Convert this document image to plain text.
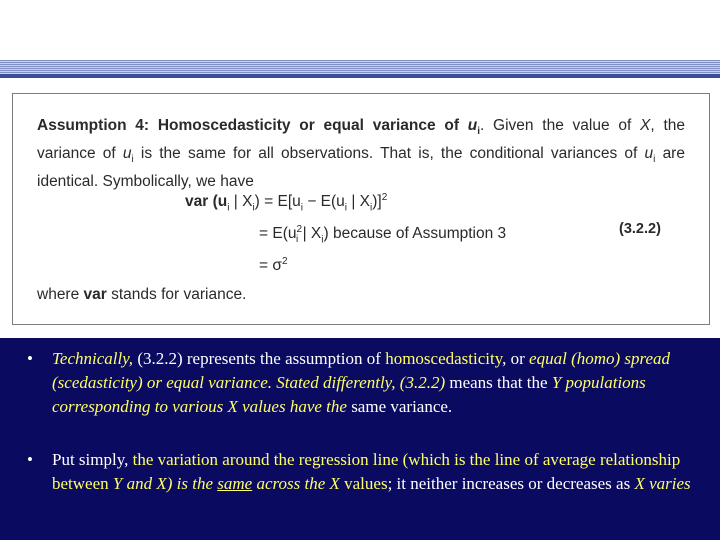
Assumption 4: Homoscedasticity or equal variance of $u_i$. Given the value of X, the variance of $u_i$ is the same for all observations. That is, the conditional variances of $u_i$ are identical. Symbolically, we have
var ($u_i$ | $X_i) = E[u_i - E(u_i$ | $X_i)]^2$
= $E(u^2_i$ | $X_i$) because of Assumption 3
= $\sigma^2$
(3.2.2)
where var stands for variance.
• Technically, (3.2.2) represents the assumption of homoscedasticity, or equal (homo) spread (scedasticity) or equal variance. Stated differently, (3.2.2) means that the Y populations corresponding to various X values have the same variance.
• Put simply, the variation around the regression line (which is the line of average relationship between Y and X) is the same across the X values; it neither increases or decreases as X varies
